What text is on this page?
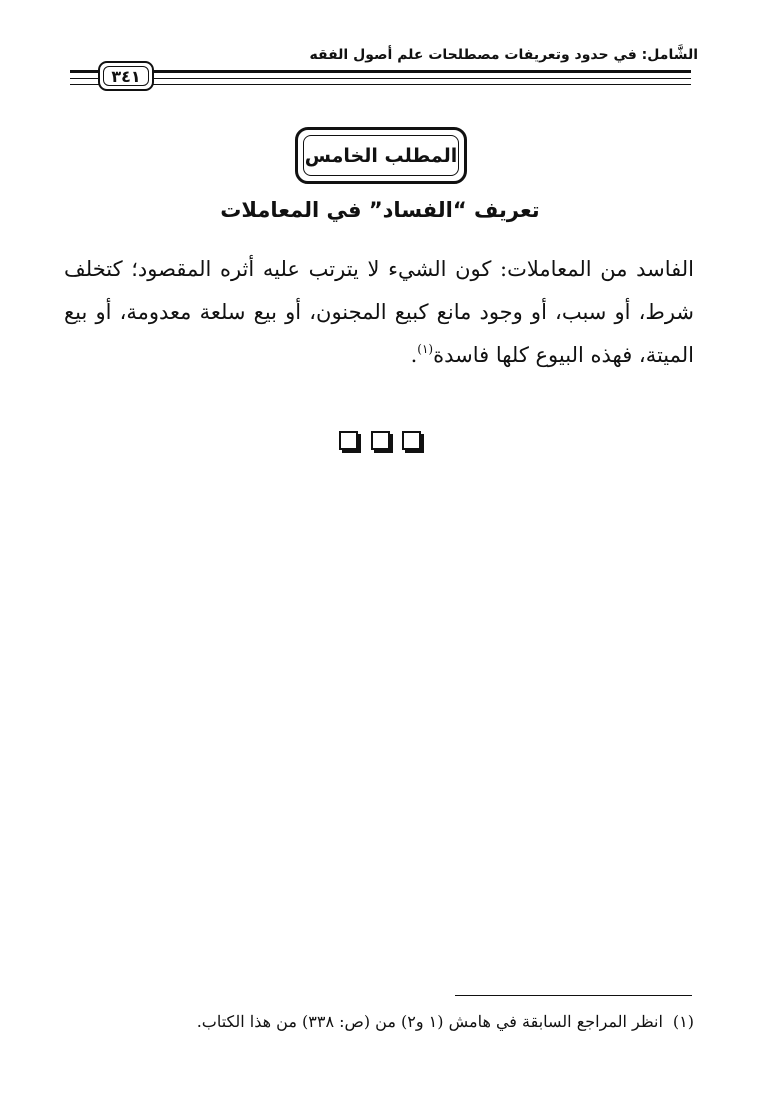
الشَّامل: في حدود وتعريفات مصطلحات علم أصول الفقه
٣٤١
المطلب الخامس
تعريف “الفساد” في المعاملات
الفاسد من المعاملات: كون الشيء لا يترتب عليه أثره المقصود؛ كتخلف شرط، أو سبب، أو وجود مانع كبيع المجنون، أو بيع سلعة معدومة، أو بيع الميتة، فهذه البيوع كلها فاسدة$^{(١)}$.
(١)انظر المراجع السابقة في هامش (١ و٢) من (ص: ٣٣٨) من هذا الكتاب.
